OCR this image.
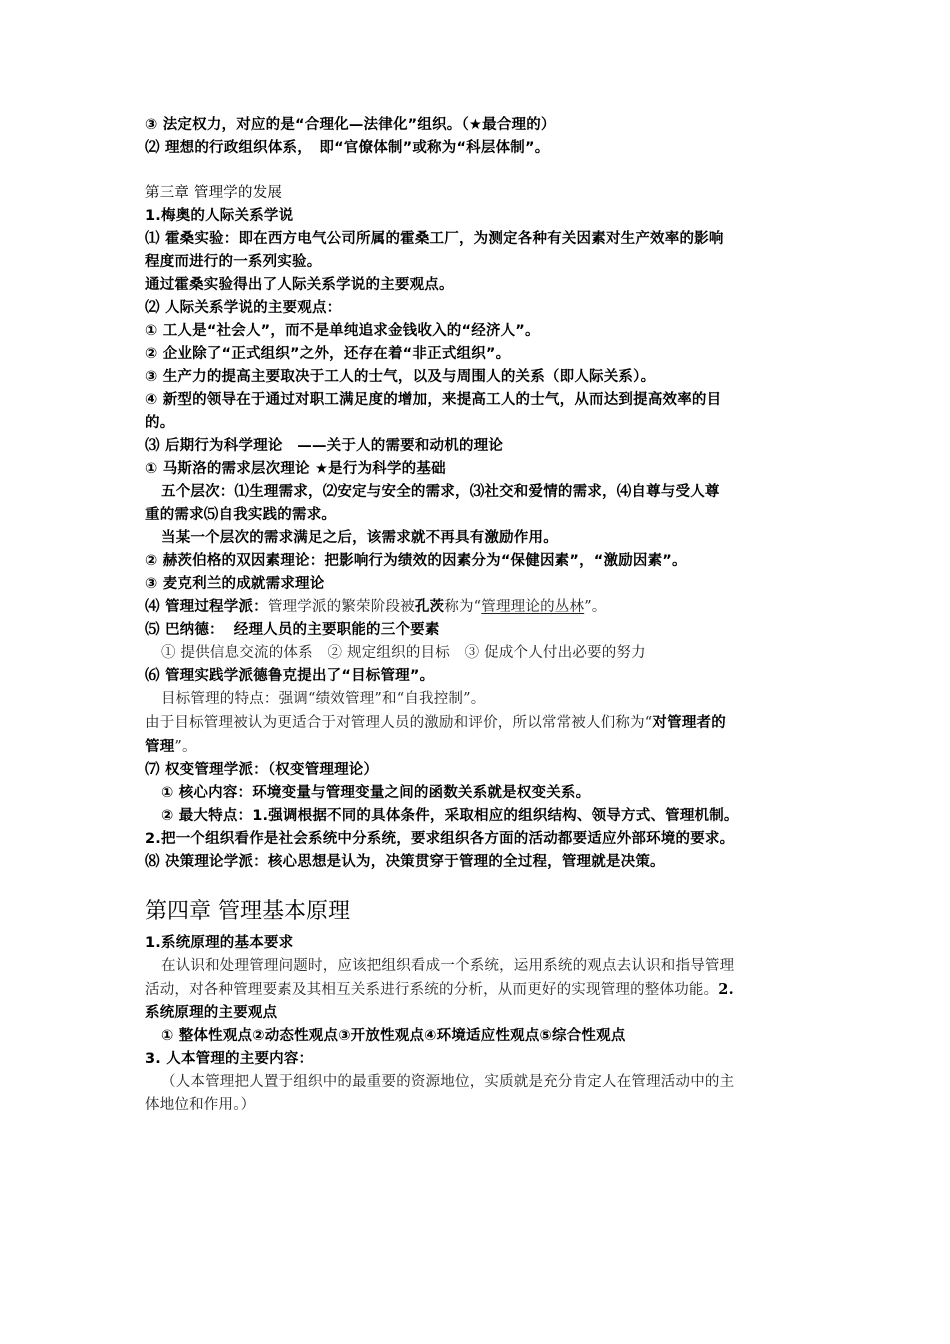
③ 法定权力，对应的是“合理化—法律化”组织。（★最合理的）
⑵ 理想的行政组织体系，　即“官僚体制”或称为“科层体制”。
第三章 管理学的发展
1.梅奥的人际关系学说
⑴ 霍桑实验：即在西方电气公司所属的霍桑工厂，为测定各种有关因素对生产效率的影响
程度而进行的一系列实验。
通过霍桑实验得出了人际关系学说的主要观点。
⑵ 人际关系学说的主要观点：
① 工人是“社会人”，而不是单纯追求金钱收入的“经济人”。
② 企业除了“正式组织”之外，还存在着“非正式组织”。
③ 生产力的提高主要取决于工人的士气，以及与周围人的关系（即人际关系）。
④ 新型的领导在于通过对职工满足度的增加，来提高工人的士气，从而达到提高效率的目
的。
⑶ 后期行为科学理论　——关于人的需要和动机的理论
① 马斯洛的需求层次理论 ★是行为科学的基础
五个层次：⑴生理需求，⑵安定与安全的需求，⑶社交和爱情的需求，⑷自尊与受人尊
重的需求⑸自我实践的需求。
当某一个层次的需求满足之后，该需求就不再具有激励作用。
② 赫茨伯格的双因素理论：把影响行为绩效的因素分为“保健因素”，“激励因素”。
③ 麦克利兰的成就需求理论
⑷ 管理过程学派：管理学派的繁荣阶段被孔茨称为“管理理论的丛林”。
⑸ 巴纳德： 经理人员的主要职能的三个要素
① 提供信息交流的体系　② 规定组织的目标　③ 促成个人付出必要的努力
⑹ 管理实践学派德鲁克提出了“目标管理”。
目标管理的特点：强调“绩效管理”和“自我控制”。
由于目标管理被认为更适合于对管理人员的激励和评价，所以常常被人们称为“对管理者的
管理”。
⑺ 权变管理学派：（权变管理理论）
① 核心内容：环境变量与管理变量之间的函数关系就是权变关系。
② 最大特点：1.强调根据不同的具体条件，采取相应的组织结构、领导方式、管理机制。
2.把一个组织看作是社会系统中分系统，要求组织各方面的活动都要适应外部环境的要求。
⑻ 决策理论学派：核心思想是认为，决策贯穿于管理的全过程，管理就是决策。
第四章 管理基本原理
1.系统原理的基本要求
在认识和处理管理问题时，应该把组织看成一个系统，运用系统的观点去认识和指导管理
活动，对各种管理要素及其相互关系进行系统的分析，从而更好的实现管理的整体功能。2.
系统原理的主要观点
① 整体性观点②动态性观点③开放性观点④环境适应性观点⑤综合性观点
3. 人本管理的主要内容：
（人本管理把人置于组织中的最重要的资源地位，实质就是充分肯定人在管理活动中的主
体地位和作用。）
